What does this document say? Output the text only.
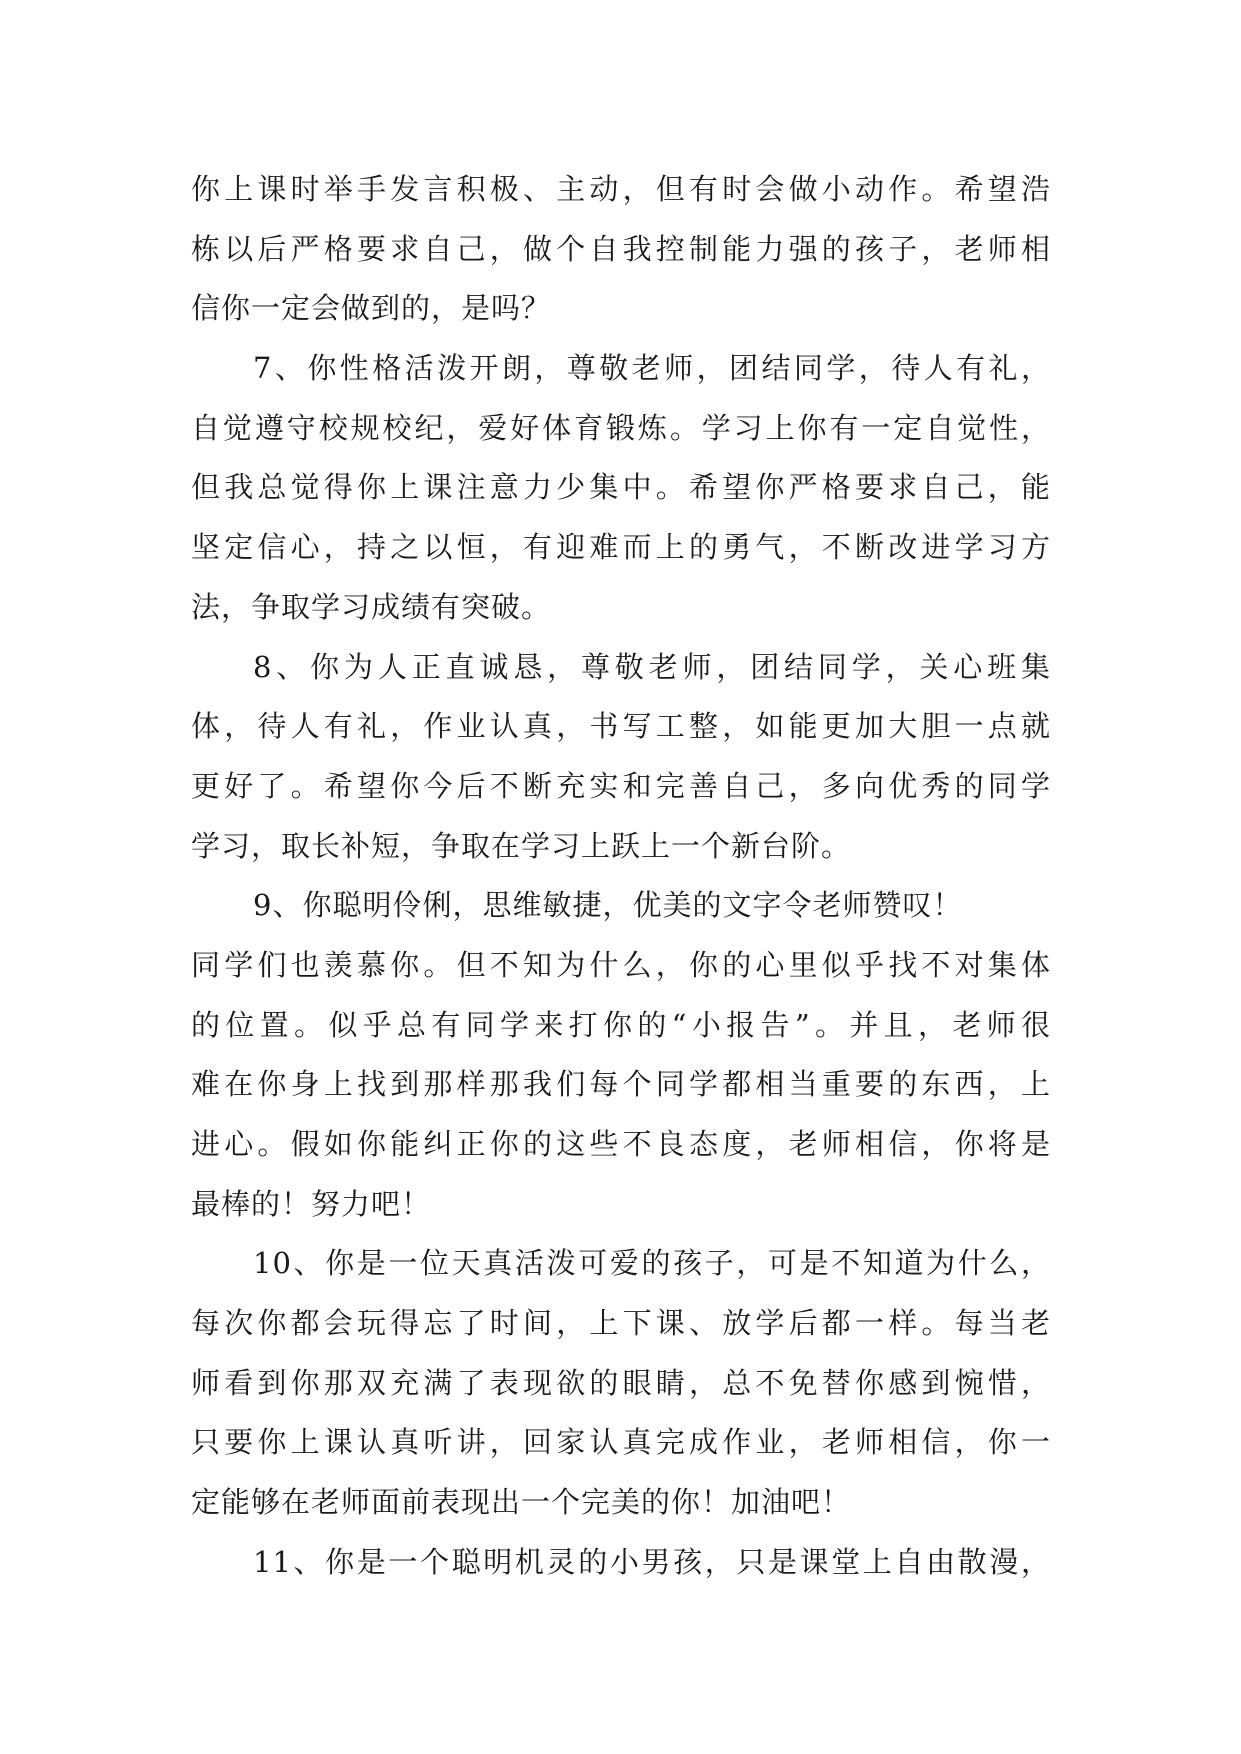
你上课时举手发言积极、主动，但有时会做小动作。希望浩
栋以后严格要求自己，做个自我控制能力强的孩子，老师相
信你一定会做到的，是吗？
7、你性格活泼开朗，尊敬老师，团结同学，待人有礼，
自觉遵守校规校纪，爱好体育锻炼。学习上你有一定自觉性，
但我总觉得你上课注意力少集中。希望你严格要求自己，能
坚定信心，持之以恒，有迎难而上的勇气，不断改进学习方
法，争取学习成绩有突破。
8、你为人正直诚恳，尊敬老师，团结同学，关心班集
体，待人有礼，作业认真，书写工整，如能更加大胆一点就
更好了。希望你今后不断充实和完善自己，多向优秀的同学
学习，取长补短，争取在学习上跃上一个新台阶。
9、你聪明伶俐，思维敏捷，优美的文字令老师赞叹！
同学们也羡慕你。但不知为什么，你的心里似乎找不对集体
的位置。似乎总有同学来打你的“小报告”。并且，老师很
难在你身上找到那样那我们每个同学都相当重要的东西，上
进心。假如你能纠正你的这些不良态度，老师相信，你将是
最棒的！努力吧！
10、你是一位天真活泼可爱的孩子，可是不知道为什么，
每次你都会玩得忘了时间，上下课、放学后都一样。每当老
师看到你那双充满了表现欲的眼睛，总不免替你感到惋惜，
只要你上课认真听讲，回家认真完成作业，老师相信，你一
定能够在老师面前表现出一个完美的你！加油吧！
11、你是一个聪明机灵的小男孩，只是课堂上自由散漫，
